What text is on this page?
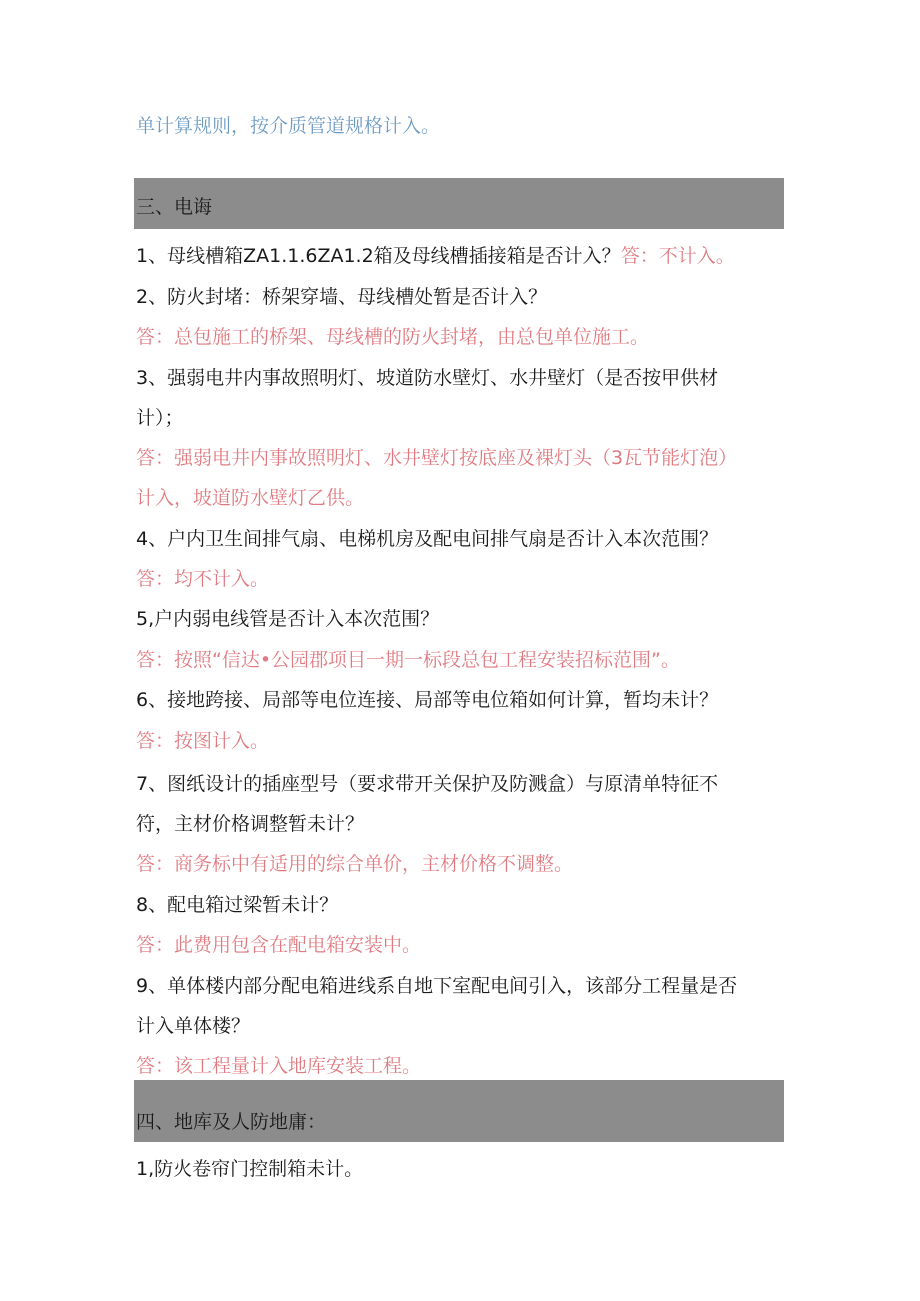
单计算规则，按介质管道规格计入。
三、电诲
1、母线槽箱ZA1.1.6ZA1.2箱及母线槽插接箱是否计入？答：不计入。
2、防火封堵：桥架穿墙、母线槽处暂是否计入？
答：总包施工的桥架、母线槽的防火封堵，由总包单位施工。
3、强弱电井内事故照明灯、坡道防水壁灯、水井壁灯（是否按甲供材
计）；
答：强弱电井内事故照明灯、水井壁灯按底座及裸灯头（3瓦节能灯泡）
计入，坡道防水壁灯乙供。
4、户内卫生间排气扇、电梯机房及配电间排气扇是否计入本次范围？
答：均不计入。
5,户内弱电线管是否计入本次范围？
答：按照“信达•公园郡项目一期一标段总包工程安装招标范围”。
6、接地跨接、局部等电位连接、局部等电位箱如何计算，暂均未计？
答：按图计入。
7、图纸设计的插座型号（要求带开关保护及防溅盒）与原清单特征不
符，主材价格调整暂未计？
答：商务标中有适用的综合单价，主材价格不调整。
8、配电箱过梁暂未计？
答：此费用包含在配电箱安装中。
9、单体楼内部分配电箱进线系自地下室配电间引入，该部分工程量是否
计入单体楼？
答：该工程量计入地库安装工程。
四、地库及人防地庸：
1,防火卷帘门控制箱未计。
